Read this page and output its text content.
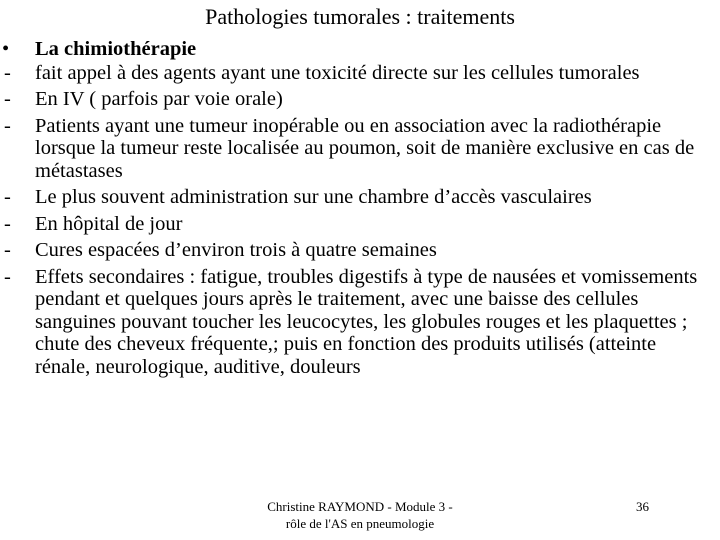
Pathologies tumorales : traitements
•	La chimiothérapie
-	fait appel à des agents ayant une toxicité directe sur les cellules tumorales
-	En IV ( parfois par voie orale)
-	Patients ayant une tumeur inopérable ou en association avec la radiothérapie lorsque la tumeur reste localisée au poumon, soit de manière exclusive en cas de métastases
-	Le plus souvent administration sur une chambre d’accès vasculaires
-	En hôpital de jour
-	Cures espacées d’environ trois à quatre semaines
-	Effets secondaires : fatigue, troubles digestifs à type de nausées et vomissements pendant et quelques jours après le traitement, avec une baisse des cellules sanguines pouvant toucher les leucocytes, les globules rouges et les plaquettes ; chute des cheveux fréquente,; puis en fonction des produits utilisés (atteinte rénale, neurologique, auditive, douleurs
Christine RAYMOND - Module 3 -
rôle de l'AS en pneumologie
36
